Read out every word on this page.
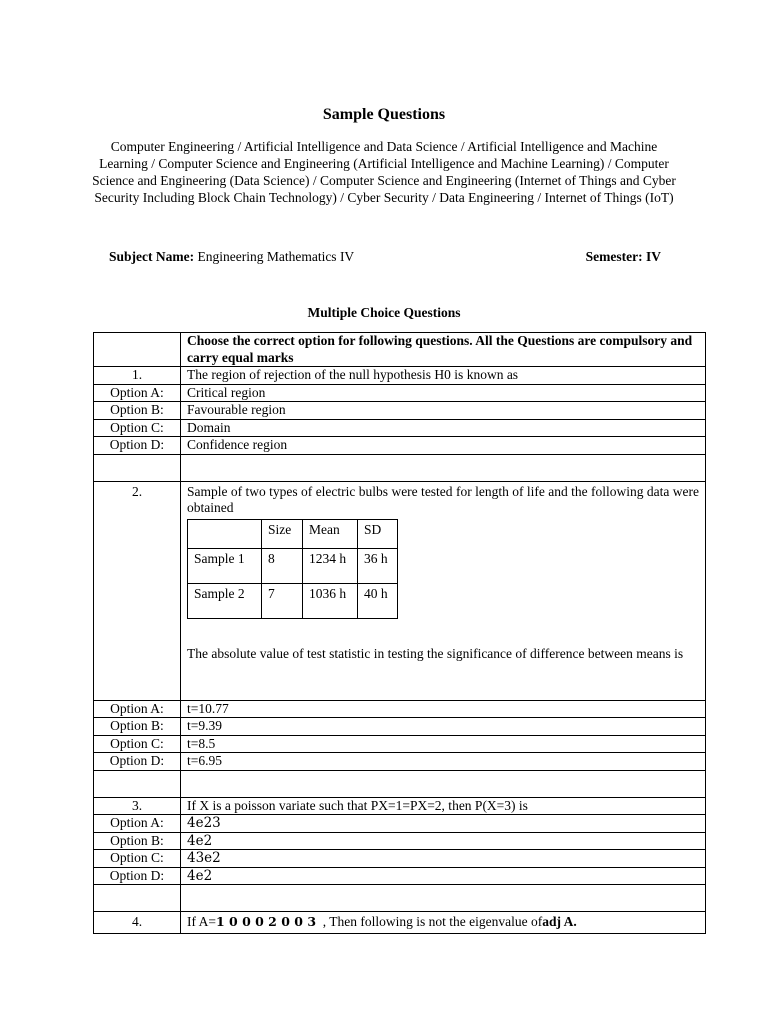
Sample Questions
Computer Engineering / Artificial Intelligence and Data Science / Artificial Intelligence and Machine Learning / Computer Science and Engineering (Artificial Intelligence and Machine Learning) / Computer Science and Engineering (Data Science) / Computer Science and Engineering (Internet of Things and Cyber Security Including Block Chain Technology) / Cyber Security / Data Engineering / Internet of Things (IoT)
Subject Name: Engineering Mathematics IV	Semester: IV
Multiple Choice Questions
	Choose the correct option for following questions. All the Questions are compulsory and carry equal marks
1.	The region of rejection of the null hypothesis H0 is known as
Option A:	Critical region
Option B:	Favourable region
Option C:	Domain
Option D:	Confidence region

2.	Sample of two types of electric bulbs were tested for length of life and the following data were obtained
	Size	Mean	SD
Sample 1	8	1234 h	36 h
Sample 2	7	1036 h	40 h
The absolute value of test statistic in testing the significance of difference between means is

Option A:	t=10.77
Option B:	t=9.39
Option C:	t=8.5
Option D:	t=6.95

3.	If X is a poisson variate such that PX=1=PX=2, then P(X=3) is
Option A:	4e23
Option B:	4e2
Option C:	43e2
Option D:	4e2

4.	If A=1 0 0 0 2 0 0 3  , Then following is not the eigenvalue ofadj A.
